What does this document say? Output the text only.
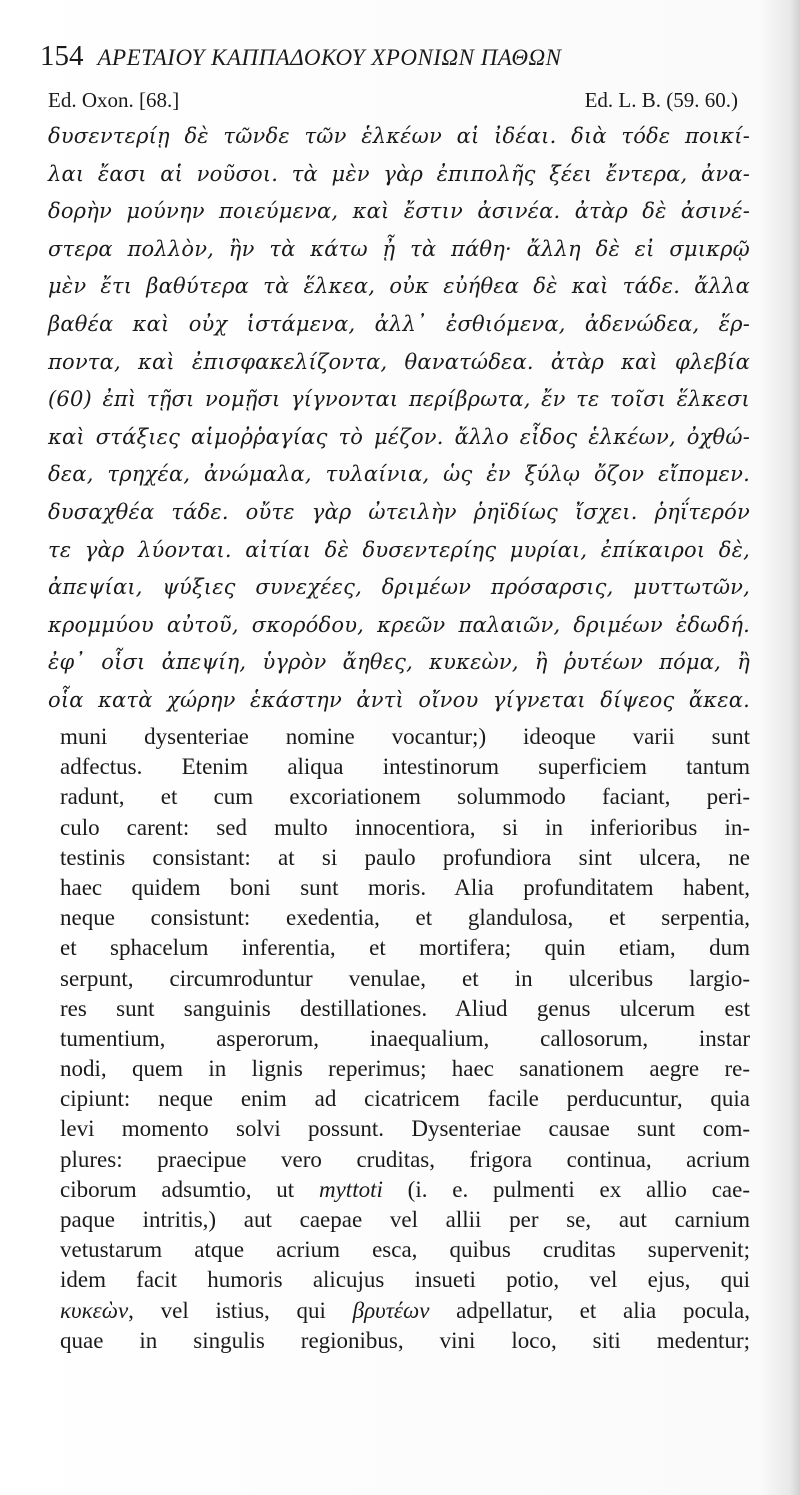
154 ΑΡΕΤΑΙΟΥ ΚΑΠΠΑΔΟΚΟΥ ΧΡΟΝΙΩΝ ΠΑΘΩΝ
Ed. Oxon. [68.]	Ed. L. B. (59. 60.)
δυσεντερίῃ δὲ τῶνδε τῶν ἑλκέων αἱ ἰδέαι. διὰ τόδε ποικί-
λαι ἔασι αἱ νοῦσοι. τὰ μὲν γὰρ ἐπιπολῆς ξέει ἔντερα, ἀνα-
δορὴν μούνην ποιεύμενα, καὶ ἔστιν ἀσινέα. ἀτὰρ δὲ ἀσινέ-
στερα πολλὸν, ἢν τὰ κάτω ᾖ τὰ πάθη· ἄλλη δὲ εἰ σμικρῷ
μὲν ἔτι βαθύτερα τὰ ἕλκεα, οὐκ εὐήθεα δὲ καὶ τάδε. ἄλλα
βαθέα καὶ οὐχ ἱστάμενα, ἀλλ᾽ ἐσθιόμενα, ἀδενώδεα, ἕρ-
ποντα, καὶ ἐπισφακελίζοντα, θανατώδεα. ἀτὰρ καὶ φλεβία
(60) ἐπὶ τῇσι νομῇσι γίγνονται περίβρωτα, ἔν τε τοῖσι ἕλκεσι
καὶ στάξιες αἱμοῤῥαγίας τὸ μέζον. ἄλλο εἶδος ἑλκέων, ὀχθώ-
δεα, τρηχέα, ἀνώμαλα, τυλαίνια, ὡς ἐν ξύλῳ ὄζον εἴπομεν.
δυσαχθέα τάδε. οὔτε γὰρ ὠτειλὴν ῥηϊδίως ἴσχει. ῥηΐτερόν
τε γὰρ λύονται. αἰτίαι δὲ δυσεντερίης μυρίαι, ἐπίκαιροι δὲ,
ἀπεψίαι, ψύξιες συνεχέες, δριμέων πρόσαρσις, μυττωτῶν,
κρομμύου αὐτοῦ, σκορόδου, κρεῶν παλαιῶν, δριμέων ἐδωδή.
ἐφ᾽ οἷσι ἀπεψίη, ὑγρὸν ἄηθες, κυκεὼν, ἢ ῥυτέων πόμα, ἢ
οἷα κατὰ χώρην ἑκάστην ἀντὶ οἴνου γίγνεται δίψεος ἄκεα.
muni dysenteriae nomine vocantur;) ideoque varii sunt
adfectus. Etenim aliqua intestinorum superficiem tantum
radunt, et cum excoriationem solummodo faciant, peri-
culo carent: sed multo innocentiora, si in inferioribus in-
testinis consistant: at si paulo profundiora sint ulcera, ne
haec quidem boni sunt moris. Alia profunditatem habent,
neque consistunt: exedentia, et glandulosa, et serpentia,
et sphacelum inferentia, et mortifera; quin etiam, dum
serpunt, circumroduntur venulae, et in ulceribus largio-
res sunt sanguinis destillationes. Aliud genus ulcerum est
tumentium, asperorum, inaequalium, callosorum, instar
nodi, quem in lignis reperimus; haec sanationem aegre re-
cipiunt: neque enim ad cicatricem facile perducuntur, quia
levi momento solvi possunt. Dysenteriae causae sunt com-
plures: praecipue vero cruditas, frigora continua, acrium
ciborum adsumtio, ut myttoti (i. e. pulmenti ex allio cae-
paque intritis,) aut caepae vel allii per se, aut carnium
vetustarum atque acrium esca, quibus cruditas supervenit;
idem facit humoris alicujus insueti potio, vel ejus, qui
κυκεὼν, vel istius, qui βρυτέων adpellatur, et alia pocula,
quae in singulis regionibus, vini loco, siti medentur;
